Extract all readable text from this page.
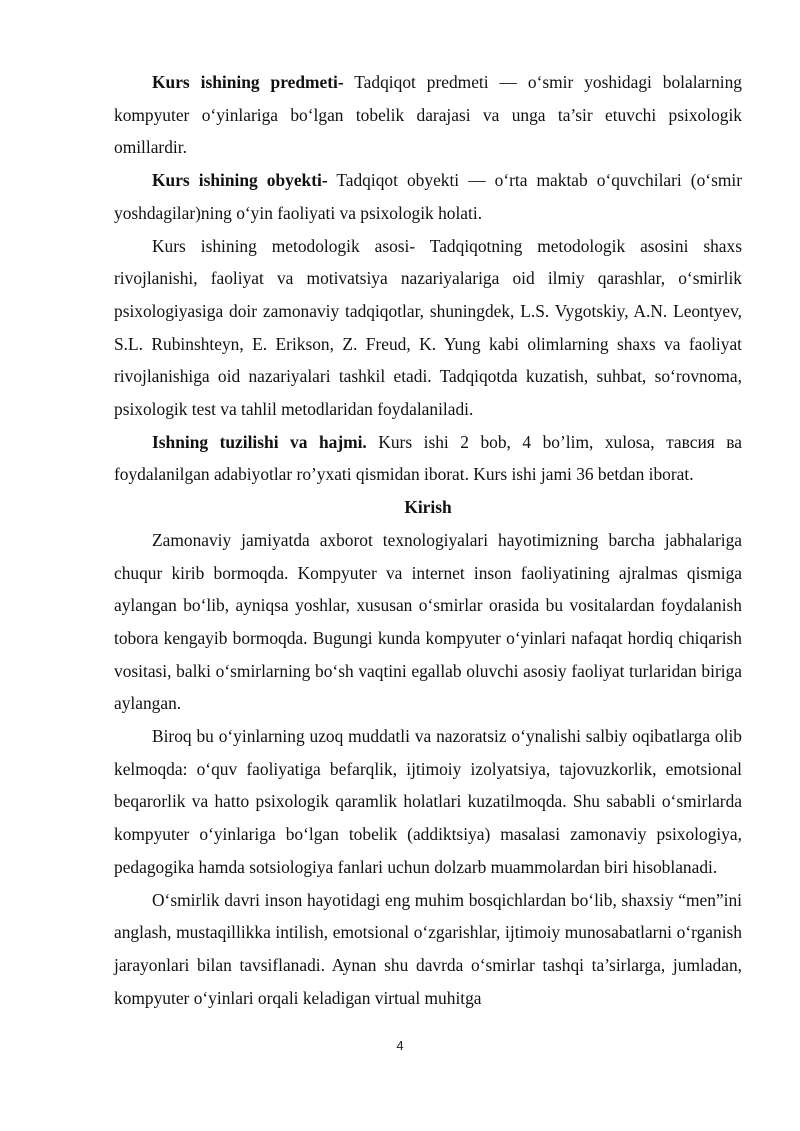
Kurs ishining predmeti- Tadqiqot predmeti — o‘smir yoshidagi bolalarning kompyuter o‘yinlariga bo‘lgan tobelik darajasi va unga ta’sir etuvchi psixologik omillardir.

Kurs ishining obyekti- Tadqiqot obyekti — o‘rta maktab o‘quvchilari (o‘smir yoshdagilar)ning o‘yin faoliyati va psixologik holati.

Kurs ishining metodologik asosi- Tadqiqotning metodologik asosini shaxs rivojlanishi, faoliyat va motivatsiya nazariyalariga oid ilmiy qarashlar, o‘smirlik psixologiyasiga doir zamonaviy tadqiqotlar, shuningdek, L.S. Vygotskiy, A.N. Leontyev, S.L. Rubinshteyn, E. Erikson, Z. Freud, K. Yung kabi olimlarning shaxs va faoliyat rivojlanishiga oid nazariyalari tashkil etadi. Tadqiqotda kuzatish, suhbat, so‘rovnoma, psixologik test va tahlil metodlaridan foydalaniladi.

Ishning tuzilishi va hajmi. Kurs ishi 2 bob, 4 bo’lim, xulosa, тавсия ва foydalanilgan adabiyotlar ro’yxati qismidan iborat. Kurs ishi jami 36 betdan iborat.

Kirish

Zamonaviy jamiyatda axborot texnologiyalari hayotimizning barcha jabhalariga chuqur kirib bormoqda. Kompyuter va internet inson faoliyatining ajralmas qismiga aylangan bo‘lib, ayniqsa yoshlar, xususan o‘smirlar orasida bu vositalardan foydalanish tobora kengayib bormoqda. Bugungi kunda kompyuter o‘yinlari nafaqat hordiq chiqarish vositasi, balki o‘smirlarning bo‘sh vaqtini egallab oluvchi asosiy faoliyat turlaridan biriga aylangan.

Biroq bu o‘yinlarning uzoq muddatli va nazoratsiz o‘ynalishi salbiy oqibatlarga olib kelmoqda: o‘quv faoliyatiga befarqlik, ijtimoiy izolyatsiya, tajovuzkorlik, emotsional beqarorlik va hatto psixologik qaramlik holatlari kuzatilmoqda. Shu sababli o‘smirlarda kompyuter o‘yinlariga bo‘lgan tobelik (addiktsiya) masalasi zamonaviy psixologiya, pedagogika hamda sotsiologiya fanlari uchun dolzarb muammolardan biri hisoblanadi.

O‘smirlik davri inson hayotidagi eng muhim bosqichlardan bo‘lib, shaxsiy “men”ini anglash, mustaqillikka intilish, emotsional o‘zgarishlar, ijtimoiy munosabatlarni o‘rganish jarayonlari bilan tavsiflanadi. Aynan shu davrda o‘smirlar tashqi ta’sirlarga, jumladan, kompyuter o‘yinlari orqali keladigan virtual muhitga

4
